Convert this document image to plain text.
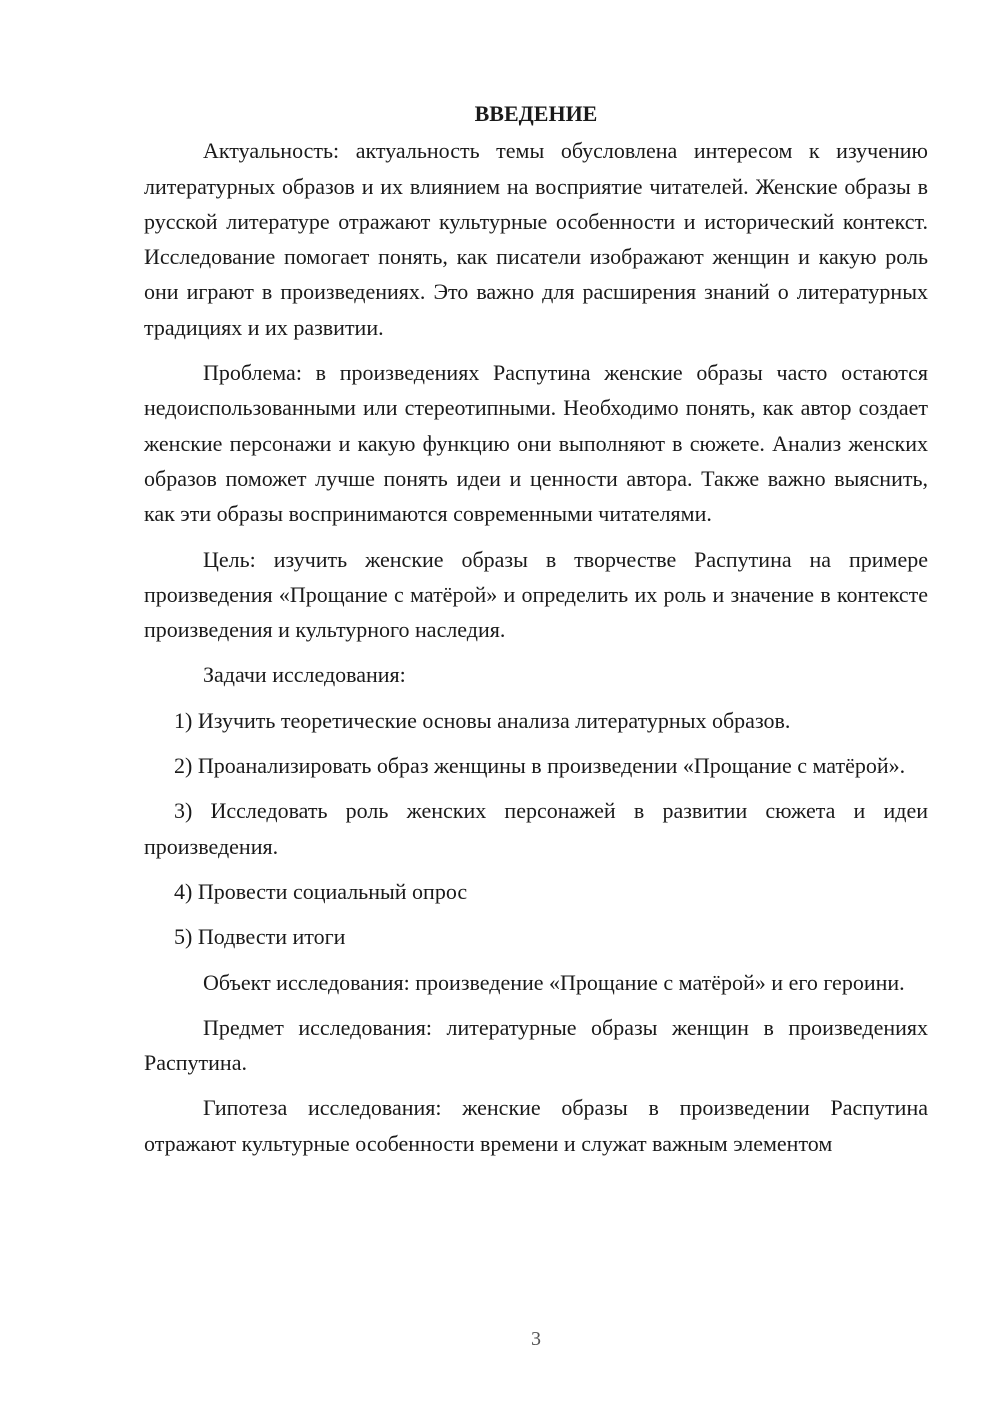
ВВЕДЕНИЕ

Актуальность: актуальность темы обусловлена интересом к изучению литературных образов и их влиянием на восприятие читателей. Женские образы в русской литературе отражают культурные особенности и исторический контекст. Исследование помогает понять, как писатели изображают женщин и какую роль они играют в произведениях. Это важно для расширения знаний о литературных традициях и их развитии.

Проблема: в произведениях Распутина женские образы часто остаются недоиспользованными или стереотипными. Необходимо понять, как автор создает женские персонажи и какую функцию они выполняют в сюжете. Анализ женских образов поможет лучше понять идеи и ценности автора. Также важно выяснить, как эти образы воспринимаются современными читателями.

Цель: изучить женские образы в творчестве Распутина на примере произведения «Прощание с матёрой» и определить их роль и значение в контексте произведения и культурного наследия.

Задачи исследования:

1) Изучить теоретические основы анализа литературных образов.

2) Проанализировать образ женщины в произведении «Прощание с матёрой».

3) Исследовать роль женских персонажей в развитии сюжета и идеи произведения.

4) Провести социальный опрос

5) Подвести итоги

Объект исследования: произведение «Прощание с матёрой» и его героини.

Предмет исследования: литературные образы женщин в произведениях Распутина.

Гипотеза исследования: женские образы в произведении Распутина отражают культурные особенности времени и служат важным элементом

3
